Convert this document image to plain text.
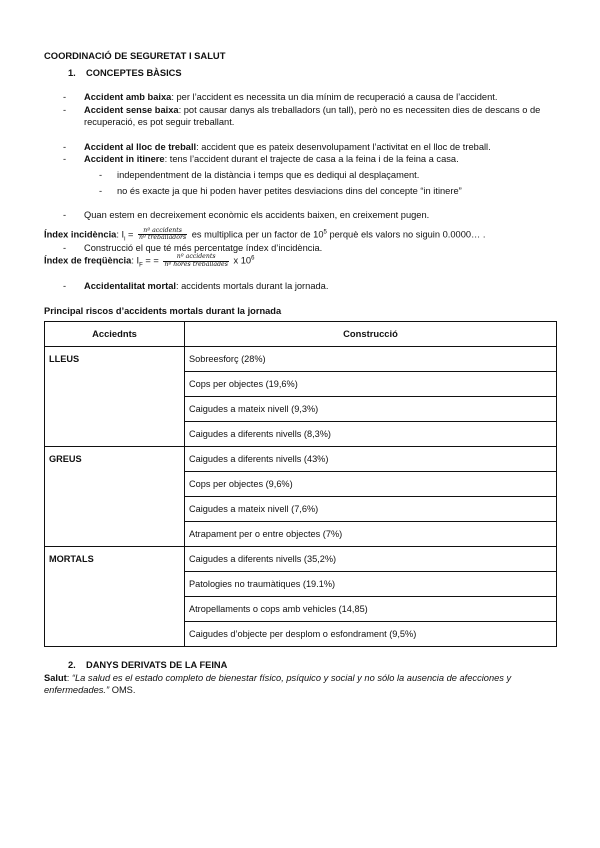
COORDINACIÓ DE SEGURETAT I SALUT

1. CONCEPTES BÀSICS

- Accident amb baixa: per l’accident es necessita un dia mínim de recuperació a causa de l’accident.

- Accident sense baixa: pot causar danys als treballadors (un tall), però no es necessiten dies de descans o de recuperació, es pot seguir treballant.

- Accident al lloc de treball: accident que es pateix desenvolupament l’activitat en el lloc de treball.

- Accident in itinere: tens l’accident durant el trajecte de casa a la feina i de la feina a casa.

- independentment de la distància i temps que es dediqui al desplaçament.

- no és exacte ja que hi poden haver petites desviacions dins del concepte “in itinere”

- Quan estem en decreixement econòmic els accidents baixen, en creixement pugen.

Índex incidència: $I_i = \frac{\text{nº accidents}}{\text{nº treballadors}}$ es multiplica per un factor de $10^5$ perquè els valors no siguin 0.0000… .

- Construcció el que té més percentatge índex d’incidència.

Índex de freqüència: $I_F$ = = $\frac{\text{nº accidents}}{\text{nº hores treballades}}$ x $10^6$

- Accidentalitat mortal: accidents mortals durant la jornada.

Principal riscos d’accidents mortals durant la jornada

Acciednts	Construcció
LLEUS	Sobreesforç (28%)
	Cops per objectes (19,6%)
	Caigudes a mateix nivell (9,3%)
	Caigudes a diferents nivells (8,3%)
GREUS	Caigudes a diferents nivells (43%)
	Cops per objectes (9,6%)
	Caigudes a mateix nivell (7,6%)
	Atrapament per o entre objectes (7%)
MORTALS	Caigudes a diferents nivells (35,2%)
	Patologies no traumàtiques (19.1%)
	Atropellaments o cops amb vehicles (14,85)
	Caigudes d’objecte per desplom o esfondrament (9,5%)

2. DANYS DERIVATS DE LA FEINA

Salut: “La salud es el estado completo de bienestar físico, psíquico y social y no sólo la ausencia de afecciones y enfermedades.” OMS.
